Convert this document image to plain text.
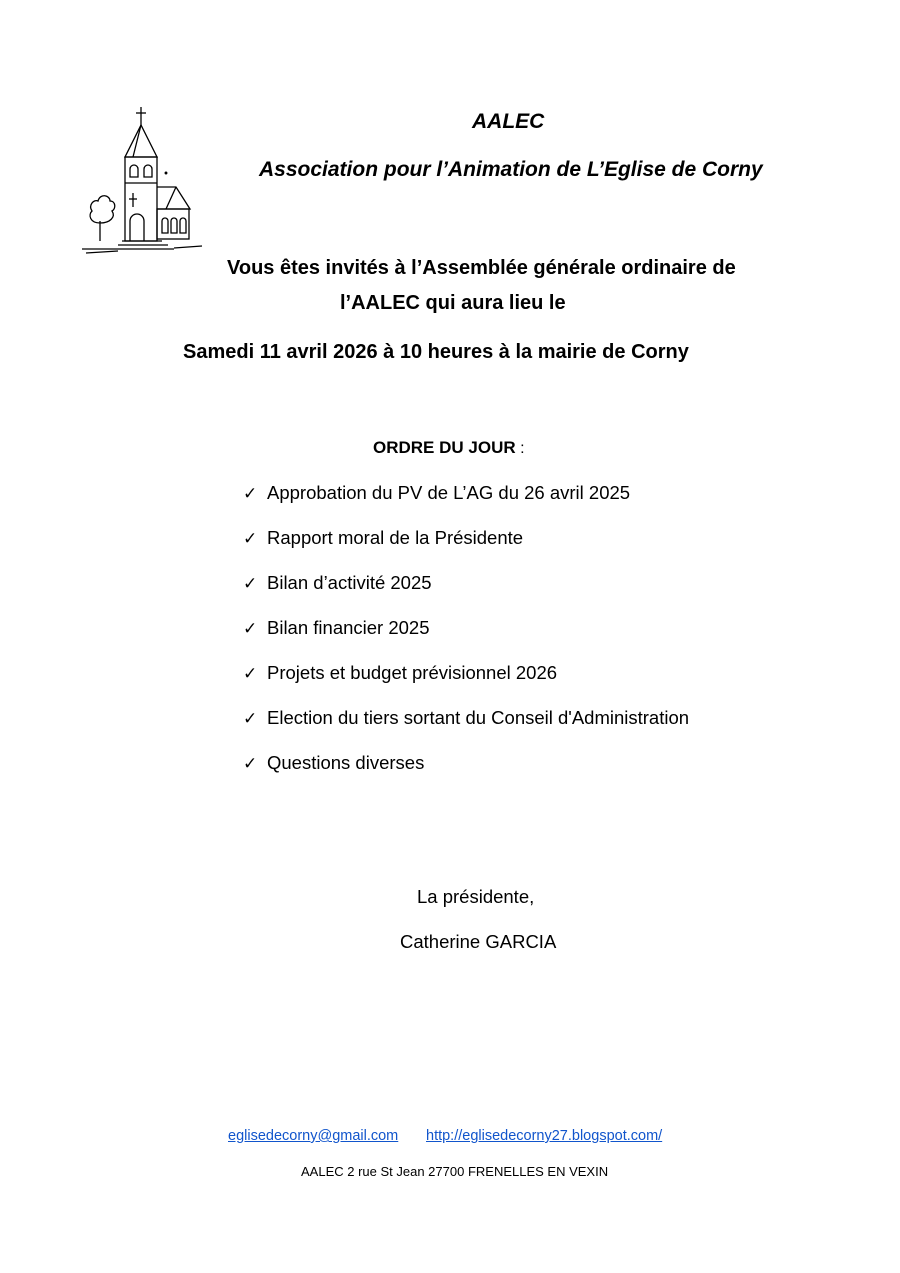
AALEC
Association pour l’Animation de L’Eglise de Corny
Vous êtes invités à l’Assemblée générale ordinaire de
l’AALEC qui aura lieu le
Samedi 11 avril 2026 à 10 heures à la mairie de Corny
ORDRE DU JOUR :
✓ Approbation du PV de L’AG du 26 avril 2025
✓ Rapport moral de la Présidente
✓ Bilan d’activité 2025
✓ Bilan financier 2025
✓ Projets et budget prévisionnel 2026
✓ Election du tiers sortant du Conseil d'Administration
✓ Questions diverses
La présidente,
Catherine GARCIA
eglisedecorny@gmail.com http://eglisedecorny27.blogspot.com/
AALEC 2 rue St Jean 27700 FRENELLES EN VEXIN
